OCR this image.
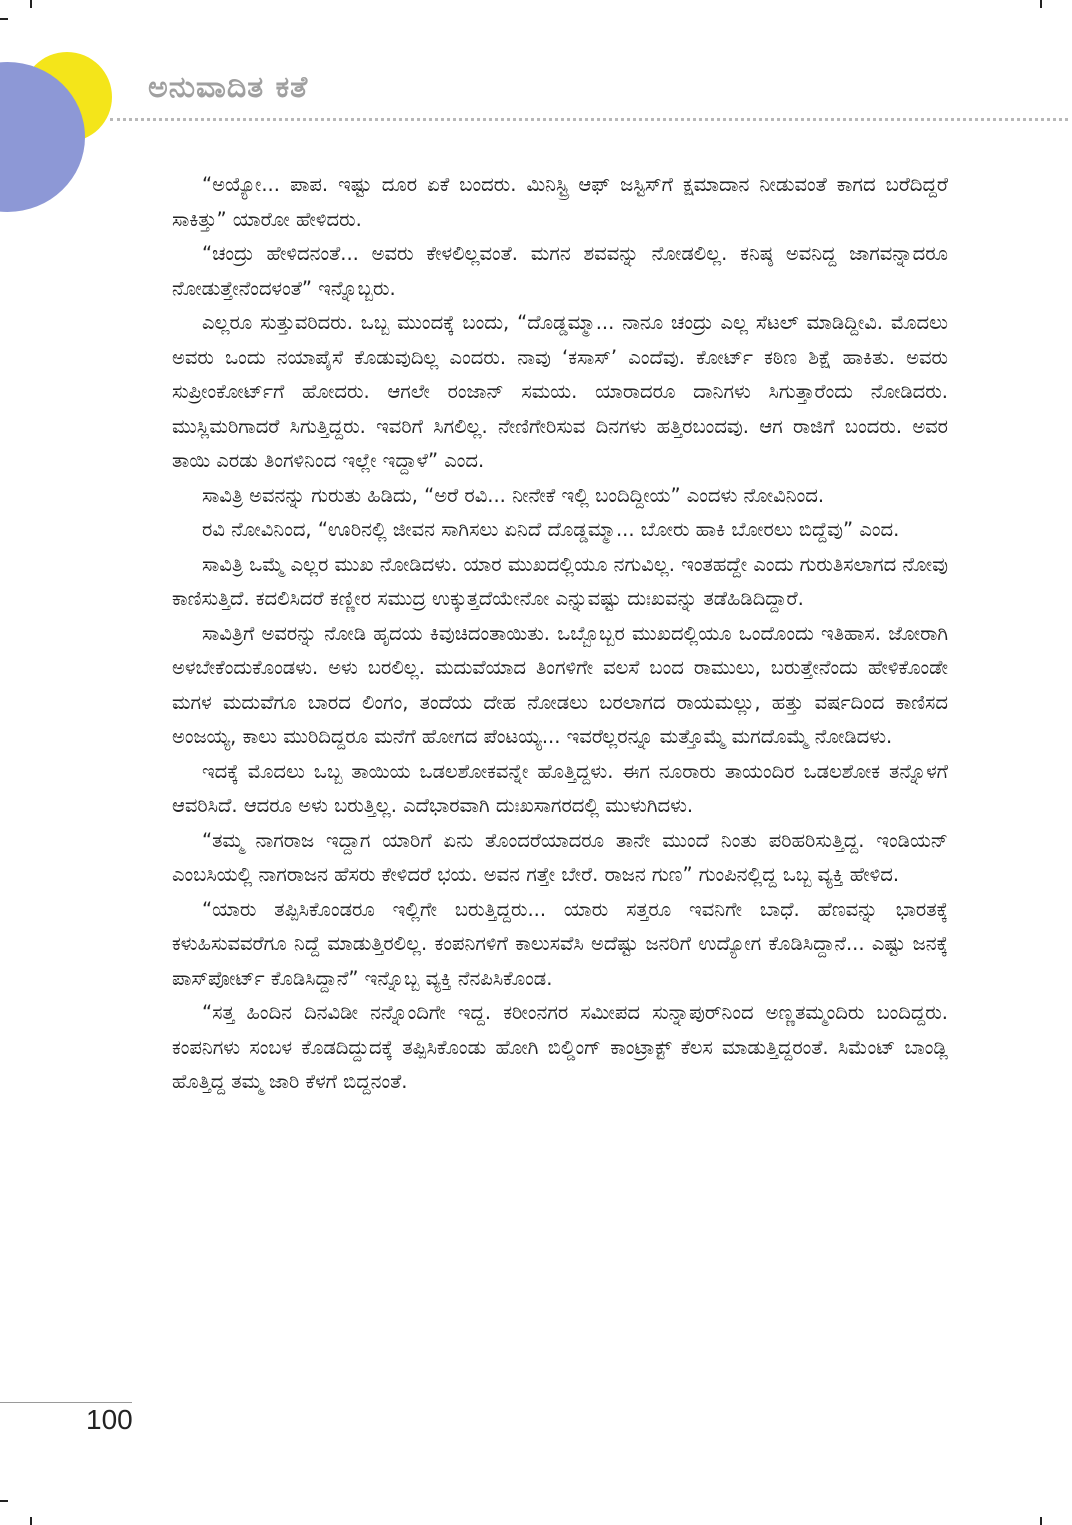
ಅನುವಾದಿತ ಕತೆ

“ಅಯ್ಯೋ... ಪಾಪ. ಇಷ್ಟು ದೂರ ಏಕೆ ಬಂದರು. ಮಿನಿಸ್ಟ್ರಿ ಆಫ್ ಜಸ್ಟಿಸ್‌ಗೆ ಕ್ಷಮಾದಾನ ನೀಡುವಂತೆ ಕಾಗದ ಬರೆದಿದ್ದರೆ ಸಾಕಿತ್ತು” ಯಾರೋ ಹೇಳಿದರು.

“ಚಂದ್ರು ಹೇಳಿದನಂತೆ... ಅವರು ಕೇಳಲಿಲ್ಲವಂತೆ. ಮಗನ ಶವವನ್ನು ನೋಡಲಿಲ್ಲ. ಕನಿಷ್ಠ ಅವನಿದ್ದ ಜಾಗವನ್ನಾದರೂ ನೋಡುತ್ತೇನೆಂದಳಂತೆ” ಇನ್ನೊಬ್ಬರು.

ಎಲ್ಲರೂ ಸುತ್ತುವರಿದರು. ಒಬ್ಬ ಮುಂದಕ್ಕೆ ಬಂದು, “ದೊಡ್ಡಮ್ಮಾ... ನಾನೂ ಚಂದ್ರು ಎಲ್ಲ ಸೆಟಲ್ ಮಾಡಿದ್ದೀವಿ. ಮೊದಲು ಅವರು ಒಂದು ನಯಾಪೈಸೆ ಕೊಡುವುದಿಲ್ಲ ಎಂದರು. ನಾವು ‘ಕಸಾಸ್’ ಎಂದೆವು. ಕೋರ್ಟ್ ಕಠಿಣ ಶಿಕ್ಷೆ ಹಾಕಿತು. ಅವರು ಸುಪ್ರೀಂಕೋರ್ಟ್‌ಗೆ ಹೋದರು. ಆಗಲೇ ರಂಜಾನ್ ಸಮಯ. ಯಾರಾದರೂ ದಾನಿಗಳು ಸಿಗುತ್ತಾರೆಂದು ನೋಡಿದರು. ಮುಸ್ಲಿಮರಿಗಾದರೆ ಸಿಗುತ್ತಿದ್ದರು. ಇವರಿಗೆ ಸಿಗಲಿಲ್ಲ. ನೇಣಿಗೇರಿಸುವ ದಿನಗಳು ಹತ್ತಿರಬಂದವು. ಆಗ ರಾಜಿಗೆ ಬಂದರು. ಅವರ ತಾಯಿ ಎರಡು ತಿಂಗಳಿನಿಂದ ಇಲ್ಲೇ ಇದ್ದಾಳೆ” ಎಂದ.

ಸಾವಿತ್ರಿ ಅವನನ್ನು ಗುರುತು ಹಿಡಿದು, “ಅರೆ ರವಿ... ನೀನೇಕೆ ಇಲ್ಲಿ ಬಂದಿದ್ದೀಯ” ಎಂದಳು ನೋವಿನಿಂದ.

ರವಿ ನೋವಿನಿಂದ, “ಊರಿನಲ್ಲಿ ಜೀವನ ಸಾಗಿಸಲು ಏನಿದೆ ದೊಡ್ಡಮ್ಮಾ... ಬೋರು ಹಾಕಿ ಬೋರಲು ಬಿದ್ದೆವು” ಎಂದ.

ಸಾವಿತ್ರಿ ಒಮ್ಮೆ ಎಲ್ಲರ ಮುಖ ನೋಡಿದಳು. ಯಾರ ಮುಖದಲ್ಲಿಯೂ ನಗುವಿಲ್ಲ. ಇಂತಹದ್ದೇ ಎಂದು ಗುರುತಿಸಲಾಗದ ನೋವು ಕಾಣಿಸುತ್ತಿದೆ. ಕದಲಿಸಿದರೆ ಕಣ್ಣೀರ ಸಮುದ್ರ ಉಕ್ಕುತ್ತದೆಯೇನೋ ಎನ್ನುವಷ್ಟು ದುಃಖವನ್ನು ತಡೆಹಿಡಿದಿದ್ದಾರೆ.

ಸಾವಿತ್ರಿಗೆ ಅವರನ್ನು ನೋಡಿ ಹೃದಯ ಕಿವುಚಿದಂತಾಯಿತು. ಒಬ್ಬೊಬ್ಬರ ಮುಖದಲ್ಲಿಯೂ ಒಂದೊಂದು ಇತಿಹಾಸ. ಜೋರಾಗಿ ಅಳಬೇಕೆಂದುಕೊಂಡಳು. ಅಳು ಬರಲಿಲ್ಲ. ಮದುವೆಯಾದ ತಿಂಗಳಿಗೇ ವಲಸೆ ಬಂದ ರಾಮುಲು, ಬರುತ್ತೇನೆಂದು ಹೇಳಿಕೊಂಡೇ ಮಗಳ ಮದುವೆಗೂ ಬಾರದ ಲಿಂಗಂ, ತಂದೆಯ ದೇಹ ನೋಡಲು ಬರಲಾಗದ ರಾಯಮಲ್ಲು, ಹತ್ತು ವರ್ಷದಿಂದ ಕಾಣಿಸದ ಅಂಜಯ್ಯ, ಕಾಲು ಮುರಿದಿದ್ದರೂ ಮನೆಗೆ ಹೋಗದ ಪೆಂಟಯ್ಯ... ಇವರೆಲ್ಲರನ್ನೂ ಮತ್ತೊಮ್ಮೆ ಮಗದೊಮ್ಮೆ ನೋಡಿದಳು.

ಇದಕ್ಕೆ ಮೊದಲು ಒಬ್ಬ ತಾಯಿಯ ಒಡಲಶೋಕವನ್ನೇ ಹೊತ್ತಿದ್ದಳು. ಈಗ ನೂರಾರು ತಾಯಂದಿರ ಒಡಲಶೋಕ ತನ್ನೊಳಗೆ ಆವರಿಸಿದೆ. ಆದರೂ ಅಳು ಬರುತ್ತಿಲ್ಲ. ಎದೆಭಾರವಾಗಿ ದುಃಖಸಾಗರದಲ್ಲಿ ಮುಳುಗಿದಳು.

“ತಮ್ಮ ನಾಗರಾಜ ಇದ್ದಾಗ ಯಾರಿಗೆ ಏನು ತೊಂದರೆಯಾದರೂ ತಾನೇ ಮುಂದೆ ನಿಂತು ಪರಿಹರಿಸುತ್ತಿದ್ದ. ಇಂಡಿಯನ್ ಎಂಬಸಿಯಲ್ಲಿ ನಾಗರಾಜನ ಹೆಸರು ಕೇಳಿದರೆ ಭಯ. ಅವನ ಗತ್ತೇ ಬೇರೆ. ರಾಜನ ಗುಣ” ಗುಂಪಿನಲ್ಲಿದ್ದ ಒಬ್ಬ ವ್ಯಕ್ತಿ ಹೇಳಿದ.

“ಯಾರು ತಪ್ಪಿಸಿಕೊಂಡರೂ ಇಲ್ಲಿಗೇ ಬರುತ್ತಿದ್ದರು... ಯಾರು ಸತ್ತರೂ ಇವನಿಗೇ ಬಾಧೆ. ಹೆಣವನ್ನು ಭಾರತಕ್ಕೆ ಕಳುಹಿಸುವವರೆಗೂ ನಿದ್ದೆ ಮಾಡುತ್ತಿರಲಿಲ್ಲ. ಕಂಪನಿಗಳಿಗೆ ಕಾಲುಸವೆಸಿ ಅದೆಷ್ಟು ಜನರಿಗೆ ಉದ್ಯೋಗ ಕೊಡಿಸಿದ್ದಾನೆ... ಎಷ್ಟು ಜನಕ್ಕೆ ಪಾಸ್‌ಪೋರ್ಟ್ ಕೊಡಿಸಿದ್ದಾನೆ” ಇನ್ನೊಬ್ಬ ವ್ಯಕ್ತಿ ನೆನಪಿಸಿಕೊಂಡ.

“ಸತ್ತ ಹಿಂದಿನ ದಿನವಿಡೀ ನನ್ನೊಂದಿಗೇ ಇದ್ದ. ಕರೀಂನಗರ ಸಮೀಪದ ಸುನ್ನಾಪುರ್‌ನಿಂದ ಅಣ್ಣತಮ್ಮಂದಿರು ಬಂದಿದ್ದರು. ಕಂಪನಿಗಳು ಸಂಬಳ ಕೊಡದಿದ್ದುದಕ್ಕೆ ತಪ್ಪಿಸಿಕೊಂಡು ಹೋಗಿ ಬಿಲ್ಡಿಂಗ್ ಕಾಂಟ್ರಾಕ್ಟ್ ಕೆಲಸ ಮಾಡುತ್ತಿದ್ದರಂತೆ. ಸಿಮೆಂಟ್ ಬಾಂಡ್ಲಿ ಹೊತ್ತಿದ್ದ ತಮ್ಮ ಜಾರಿ ಕೆಳಗೆ ಬಿದ್ದನಂತೆ.

100
